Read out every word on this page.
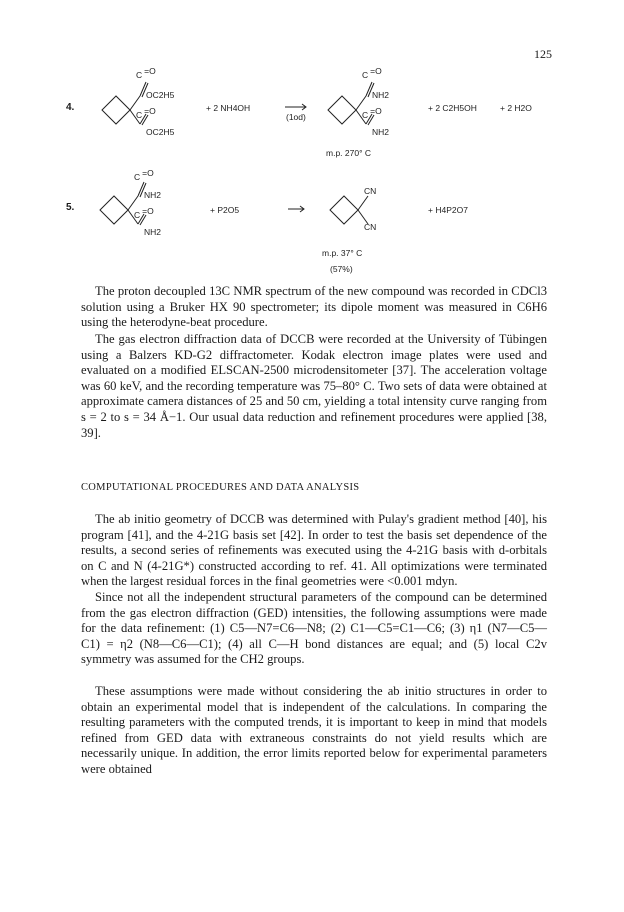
125
4.
C =O
OC2H5
C =O
OC2H5
+ 2 NH4OH
(1od)
C =O
NH2
C =O
NH2
+ 2 C2H5OH	+ 2 H2O
m.p. 270° C
5.
C =O
NH2
C =O
NH2
+ P2O5
CN
CN
+ H4P2O7
m.p. 37° C
(57%)

The proton decoupled 13C NMR spectrum of the new compound was recorded in CDCl3 solution using a Bruker HX 90 spectrometer; its dipole moment was measured in C6H6 using the heterodyne-beat procedure.

The gas electron diffraction data of DCCB were recorded at the University of Tübingen using a Balzers KD-G2 diffractometer. Kodak electron image plates were used and evaluated on a modified ELSCAN-2500 microdensitometer [37]. The acceleration voltage was 60 keV, and the recording temperature was 75–80° C. Two sets of data were obtained at approximate camera distances of 25 and 50 cm, yielding a total intensity curve ranging from s = 2 to s = 34 Å−1. Our usual data reduction and refinement procedures were applied [38, 39].

COMPUTATIONAL PROCEDURES AND DATA ANALYSIS

The ab initio geometry of DCCB was determined with Pulay's gradient method [40], his program [41], and the 4-21G basis set [42]. In order to test the basis set dependence of the results, a second series of refinements was executed using the 4-21G basis with d-orbitals on C and N (4-21G*) constructed according to ref. 41. All optimizations were terminated when the largest residual forces in the final geometries were <0.001 mdyn.

Since not all the independent structural parameters of the compound can be determined from the gas electron diffraction (GED) intensities, the following assumptions were made for the data refinement: (1) C5—N7=C6—N8; (2) C1—C5=C1—C6; (3) η1 (N7—C5—C1) = η2 (N8—C6—C1); (4) all C—H bond distances are equal; and (5) local C2v symmetry was assumed for the CH2 groups.

These assumptions were made without considering the ab initio structures in order to obtain an experimental model that is independent of the calculations. In comparing the resulting parameters with the computed trends, it is important to keep in mind that models refined from GED data with extraneous constraints do not yield results which are necessarily unique. In addition, the error limits reported below for experimental parameters were obtained
